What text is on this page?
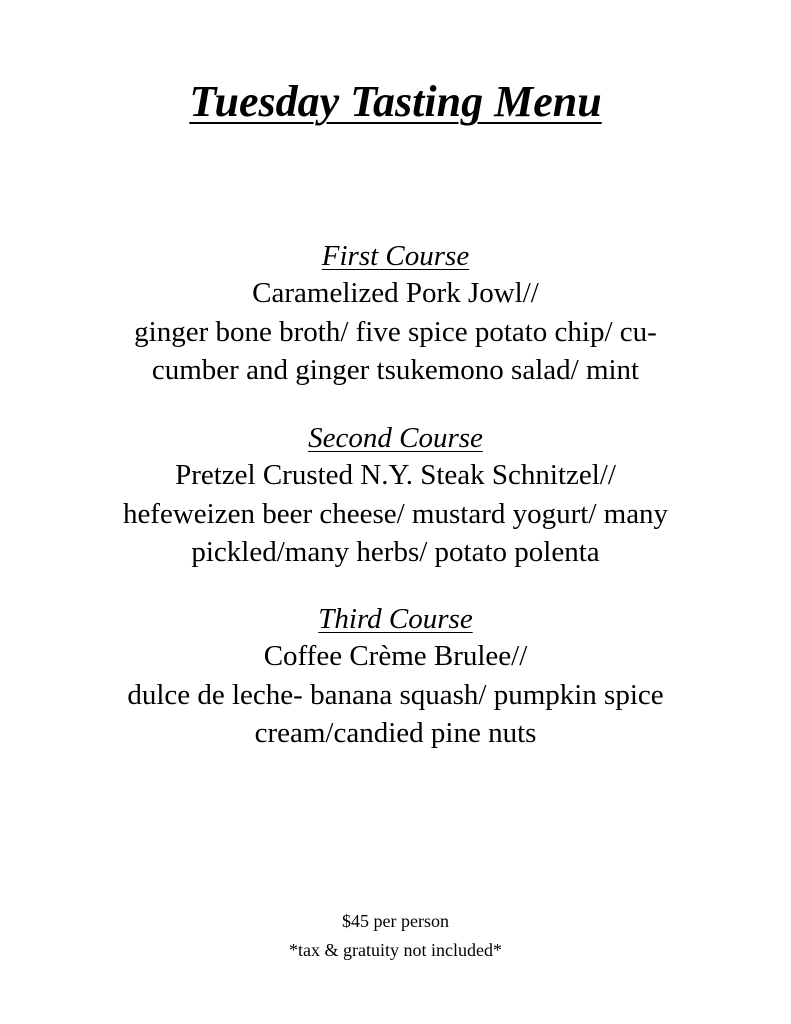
Tuesday Tasting Menu
First Course
Caramelized Pork Jowl//
ginger bone broth/ five spice potato chip/ cu-
cumber and ginger tsukemono salad/ mint
Second Course
Pretzel Crusted N.Y. Steak Schnitzel//
hefeweizen beer cheese/ mustard yogurt/ many
pickled/many herbs/ potato polenta
Third Course
Coffee Crème Brulee//
dulce de leche- banana squash/ pumpkin spice
cream/candied pine nuts
$45 per person
*tax & gratuity not included*
